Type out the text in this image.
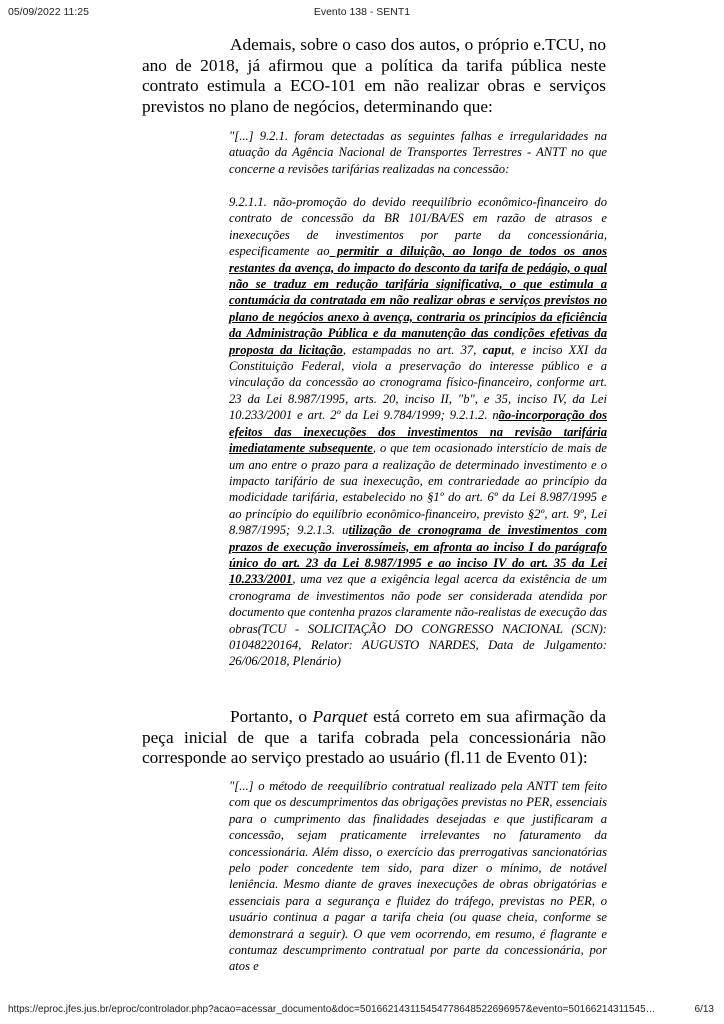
05/09/2022 11:25	Evento 138 - SENT1

Ademais, sobre o caso dos autos, o próprio e.TCU, no ano de 2018, já afirmou que a política da tarifa pública neste contrato estimula a ECO-101 em não realizar obras e serviços previstos no plano de negócios, determinando que:

"[...] 9.2.1. foram detectadas as seguintes falhas e irregularidades na atuação da Agência Nacional de Transportes Terrestres - ANTT no que concerne a revisões tarifárias realizadas na concessão:
9.2.1.1. não-promoção do devido reequilíbrio econômico-financeiro do contrato de concessão da BR 101/BA/ES em razão de atrasos e inexecuções de investimentos por parte da concessionária, especificamente ao permitir a diluição, ao longo de todos os anos restantes da avença, do impacto do desconto da tarifa de pedágio, o qual não se traduz em redução tarifária significativa, o que estimula a contumácia da contratada em não realizar obras e serviços previstos no plano de negócios anexo à avença, contraria os princípios da eficiência da Administração Pública e da manutenção das condições efetivas da proposta da licitação, estampadas no art. 37, caput, e inciso XXI da Constituição Federal, viola a preservação do interesse público e a vinculação da concessão ao cronograma físico-financeiro, conforme art. 23 da Lei 8.987/1995, arts. 20, inciso II, "b", e 35, inciso IV, da Lei 10.233/2001 e art. 2º da Lei 9.784/1999; 9.2.1.2. não-incorporação dos efeitos das inexecuções dos investimentos na revisão tarifária imediatamente subsequente, o que tem ocasionado interstício de mais de um ano entre o prazo para a realização de determinado investimento e o impacto tarifário de sua inexecução, em contrariedade ao princípio da modicidade tarifária, estabelecido no §1º do art. 6º da Lei 8.987/1995 e ao princípio do equilíbrio econômico-financeiro, previsto §2º, art. 9º, Lei 8.987/1995; 9.2.1.3. utilização de cronograma de investimentos com prazos de execução inverossímeis, em afronta ao inciso I do parágrafo único do art. 23 da Lei 8.987/1995 e ao inciso IV do art. 35 da Lei 10.233/2001, uma vez que a exigência legal acerca da existência de um cronograma de investimentos não pode ser considerada atendida por documento que contenha prazos claramente não-realistas de execução das obras(TCU - SOLICITAÇÃO DO CONGRESSO NACIONAL (SCN): 01048220164, Relator: AUGUSTO NARDES, Data de Julgamento: 26/06/2018, Plenário)

Portanto, o Parquet está correto em sua afirmação da peça inicial de que a tarifa cobrada pela concessionária não corresponde ao serviço prestado ao usuário (fl.11 de Evento 01):

"[...] o método de reequilíbrio contratual realizado pela ANTT tem feito com que os descumprimentos das obrigações previstas no PER, essenciais para o cumprimento das finalidades desejadas e que justificaram a concessão, sejam praticamente irrelevantes no faturamento da concessionária. Além disso, o exercício das prerrogativas sancionatórias pelo poder concedente tem sido, para dizer o mínimo, de notável leniência. Mesmo diante de graves inexecuções de obras obrigatórias e essenciais para a segurança e fluidez do tráfego, previstas no PER, o usuário continua a pagar a tarifa cheia (ou quase cheia, conforme se demonstrará a seguir). O que vem ocorrendo, em resumo, é flagrante e contumaz descumprimento contratual por parte da concessionária, por atos e
https://eproc.jfes.jus.br/eproc/controlador.php?acao=acessar_documento&doc=501662143115454778648522696957&evento=50166214311545…	6/13
